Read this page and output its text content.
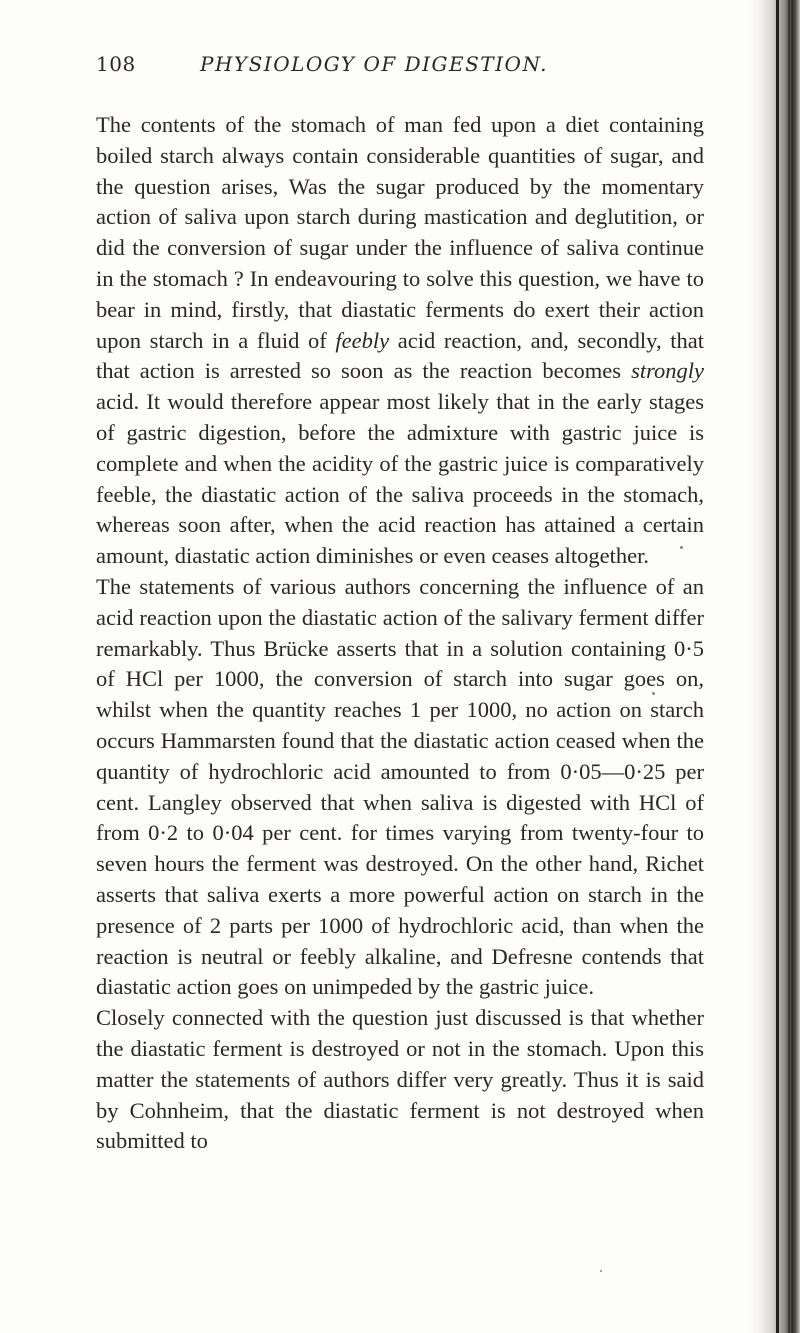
108	PHYSIOLOGY OF DIGESTION.

The contents of the stomach of man fed upon a diet containing boiled starch always contain considerable quantities of sugar, and the question arises, Was the sugar produced by the momentary action of saliva upon starch during mastication and deglutition, or did the conversion of sugar under the influence of saliva continue in the stomach ? In endeavouring to solve this question, we have to bear in mind, firstly, that diastatic ferments do exert their action upon starch in a fluid of feebly acid reaction, and, secondly, that that action is arrested so soon as the reaction becomes strongly acid. It would therefore appear most likely that in the early stages of gastric digestion, before the admixture with gastric juice is complete and when the acidity of the gastric juice is comparatively feeble, the diastatic action of the saliva proceeds in the stomach, whereas soon after, when the acid reaction has attained a certain amount, diastatic action diminishes or even ceases altogether.

The statements of various authors concerning the influence of an acid reaction upon the diastatic action of the salivary ferment differ remarkably. Thus Brücke asserts that in a solution containing 0·5 of HCl per 1000, the conversion of starch into sugar goes on, whilst when the quantity reaches 1 per 1000, no action on starch occurs Hammarsten found that the diastatic action ceased when the quantity of hydrochloric acid amounted to from 0·05—0·25 per cent. Langley observed that when saliva is digested with HCl of from 0·2 to 0·04 per cent. for times varying from twenty-four to seven hours the ferment was destroyed. On the other hand, Richet asserts that saliva exerts a more powerful action on starch in the presence of 2 parts per 1000 of hydrochloric acid, than when the reaction is neutral or feebly alkaline, and Defresne contends that diastatic action goes on unimpeded by the gastric juice.

Closely connected with the question just discussed is that whether the diastatic ferment is destroyed or not in the stomach. Upon this matter the statements of authors differ very greatly. Thus it is said by Cohnheim, that the diastatic ferment is not destroyed when submitted to
